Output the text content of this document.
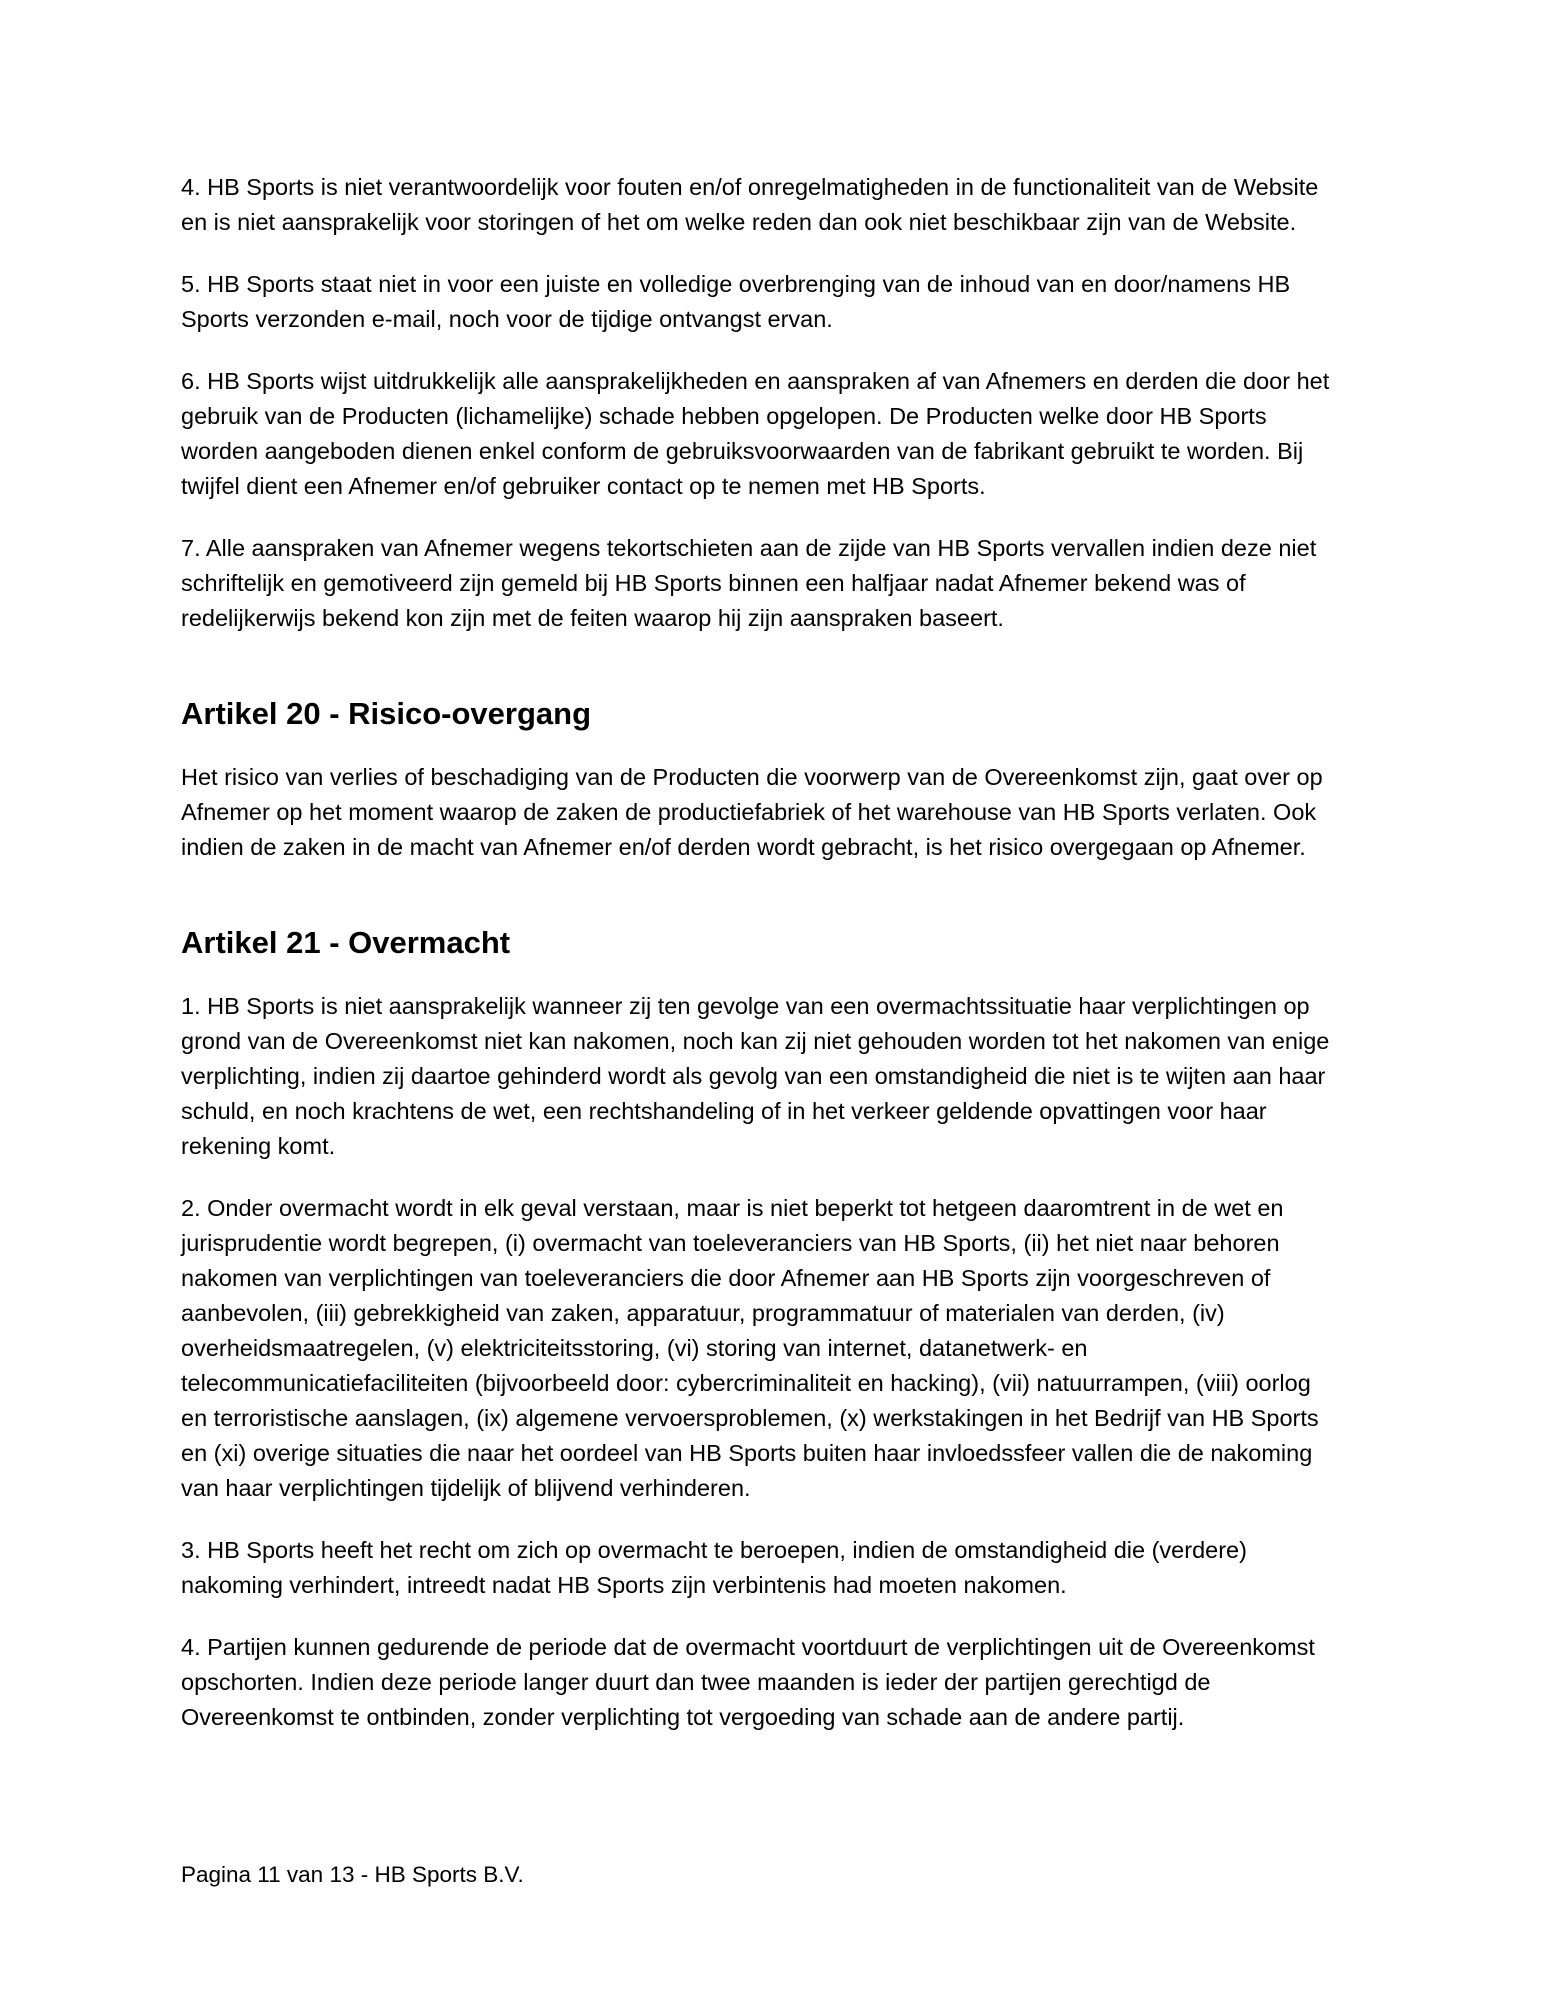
4. HB Sports is niet verantwoordelijk voor fouten en/of onregelmatigheden in de functionaliteit van de Website en is niet aansprakelijk voor storingen of het om welke reden dan ook niet beschikbaar zijn van de Website.

5. HB Sports staat niet in voor een juiste en volledige overbrenging van de inhoud van en door/namens HB Sports verzonden e-mail, noch voor de tijdige ontvangst ervan.

6. HB Sports wijst uitdrukkelijk alle aansprakelijkheden en aanspraken af van Afnemers en derden die door het gebruik van de Producten (lichamelijke) schade hebben opgelopen. De Producten welke door HB Sports worden aangeboden dienen enkel conform de gebruiksvoorwaarden van de fabrikant gebruikt te worden. Bij twijfel dient een Afnemer en/of gebruiker contact op te nemen met HB Sports.

7. Alle aanspraken van Afnemer wegens tekortschieten aan de zijde van HB Sports vervallen indien deze niet schriftelijk en gemotiveerd zijn gemeld bij HB Sports binnen een halfjaar nadat Afnemer bekend was of redelijkerwijs bekend kon zijn met de feiten waarop hij zijn aanspraken baseert.

Artikel 20 - Risico-overgang

Het risico van verlies of beschadiging van de Producten die voorwerp van de Overeenkomst zijn, gaat over op Afnemer op het moment waarop de zaken de productiefabriek of het warehouse van HB Sports verlaten. Ook indien de zaken in de macht van Afnemer en/of derden wordt gebracht, is het risico overgegaan op Afnemer.

Artikel 21 - Overmacht

1. HB Sports is niet aansprakelijk wanneer zij ten gevolge van een overmachtssituatie haar verplichtingen op grond van de Overeenkomst niet kan nakomen, noch kan zij niet gehouden worden tot het nakomen van enige verplichting, indien zij daartoe gehinderd wordt als gevolg van een omstandigheid die niet is te wijten aan haar schuld, en noch krachtens de wet, een rechtshandeling of in het verkeer geldende opvattingen voor haar rekening komt.

2. Onder overmacht wordt in elk geval verstaan, maar is niet beperkt tot hetgeen daaromtrent in de wet en jurisprudentie wordt begrepen, (i) overmacht van toeleveranciers van HB Sports, (ii) het niet naar behoren nakomen van verplichtingen van toeleveranciers die door Afnemer aan HB Sports zijn voorgeschreven of aanbevolen, (iii) gebrekkigheid van zaken, apparatuur, programmatuur of materialen van derden, (iv) overheidsmaatregelen, (v) elektriciteitsstoring, (vi) storing van internet, datanetwerk- en telecommunicatiefaciliteiten (bijvoorbeeld door: cybercriminaliteit en hacking), (vii) natuurrampen, (viii) oorlog en terroristische aanslagen, (ix) algemene vervoersproblemen, (x) werkstakingen in het Bedrijf van HB Sports en (xi) overige situaties die naar het oordeel van HB Sports buiten haar invloedssfeer vallen die de nakoming van haar verplichtingen tijdelijk of blijvend verhinderen.

3. HB Sports heeft het recht om zich op overmacht te beroepen, indien de omstandigheid die (verdere) nakoming verhindert, intreedt nadat HB Sports zijn verbintenis had moeten nakomen.

4. Partijen kunnen gedurende de periode dat de overmacht voortduurt de verplichtingen uit de Overeenkomst opschorten. Indien deze periode langer duurt dan twee maanden is ieder der partijen gerechtigd de Overeenkomst te ontbinden, zonder verplichting tot vergoeding van schade aan de andere partij.

Pagina 11 van 13 - HB Sports B.V.
